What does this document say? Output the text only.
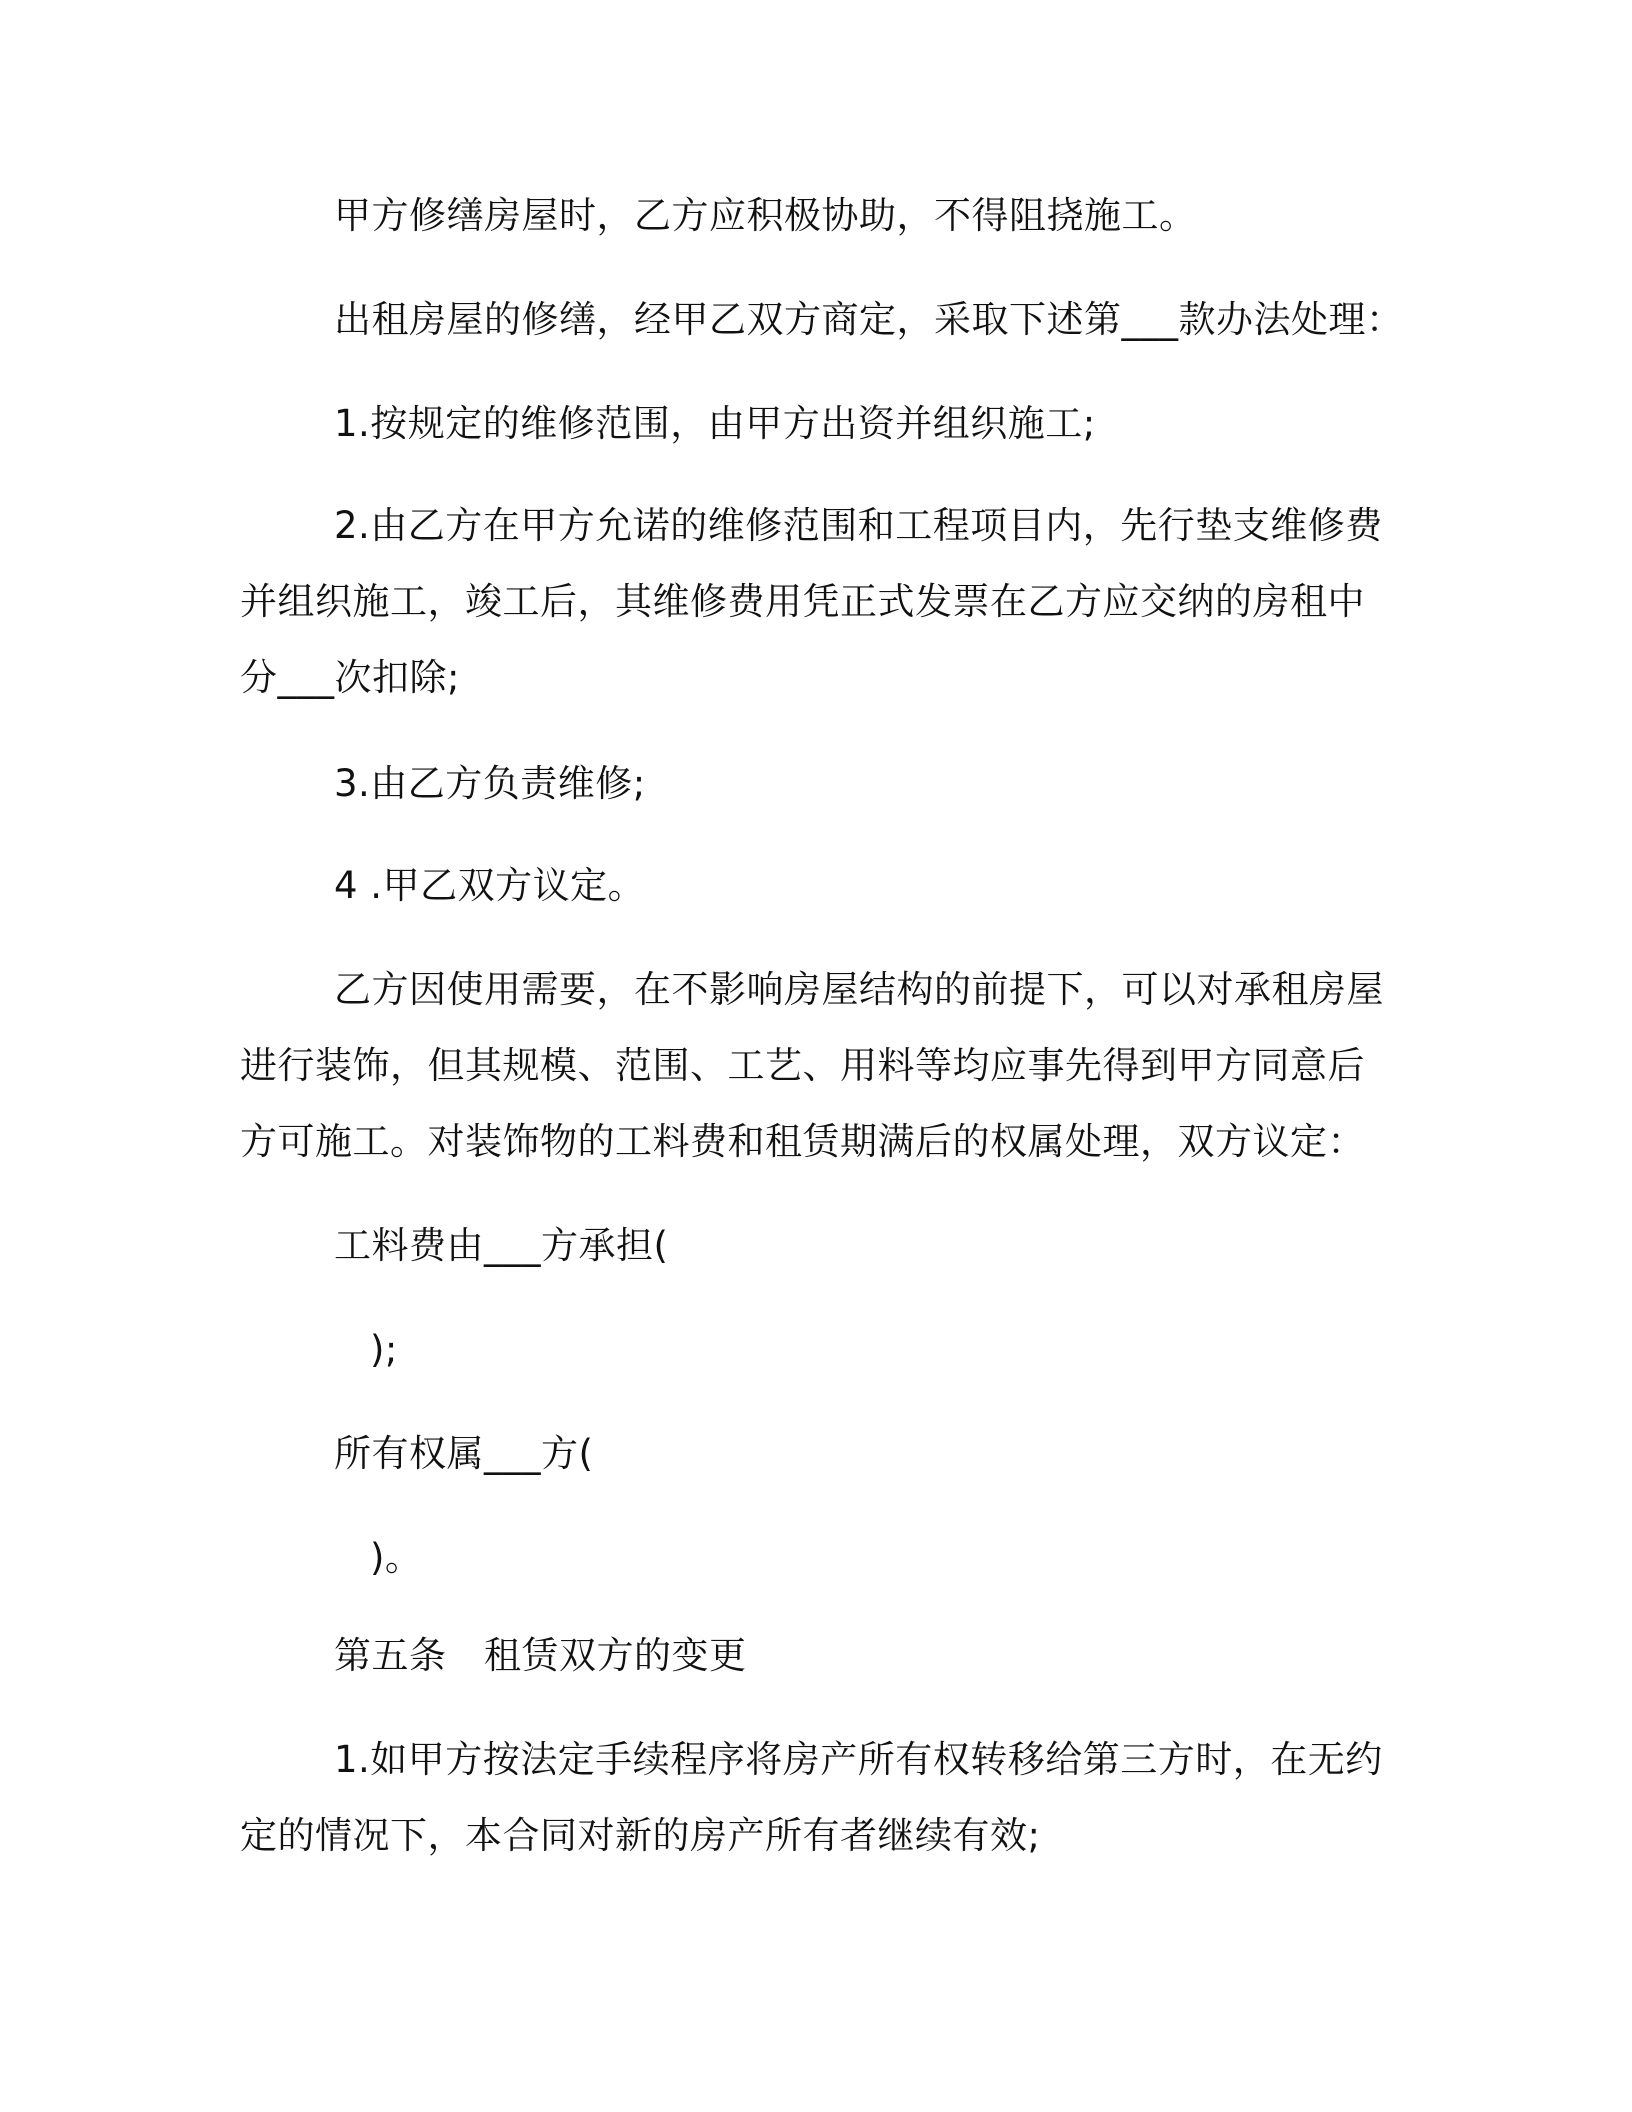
甲方修缮房屋时，乙方应积极协助，不得阻挠施工。
出租房屋的修缮，经甲乙双方商定，采取下述第___款办法处理：
1.按规定的维修范围，由甲方出资并组织施工;
2.由乙方在甲方允诺的维修范围和工程项目内，先行垫支维修费
并组织施工，竣工后，其维修费用凭正式发票在乙方应交纳的房租中
分___次扣除;
3.由乙方负责维修;
4 .甲乙双方议定。
乙方因使用需要，在不影响房屋结构的前提下，可以对承租房屋
进行装饰，但其规模、范围、工艺、用料等均应事先得到甲方同意后
方可施工。对装饰物的工料费和租赁期满后的权属处理，双方议定：
工料费由___方承担(
);
所有权属___方(
)。
第五条　租赁双方的变更
1.如甲方按法定手续程序将房产所有权转移给第三方时，在无约
定的情况下，本合同对新的房产所有者继续有效;
